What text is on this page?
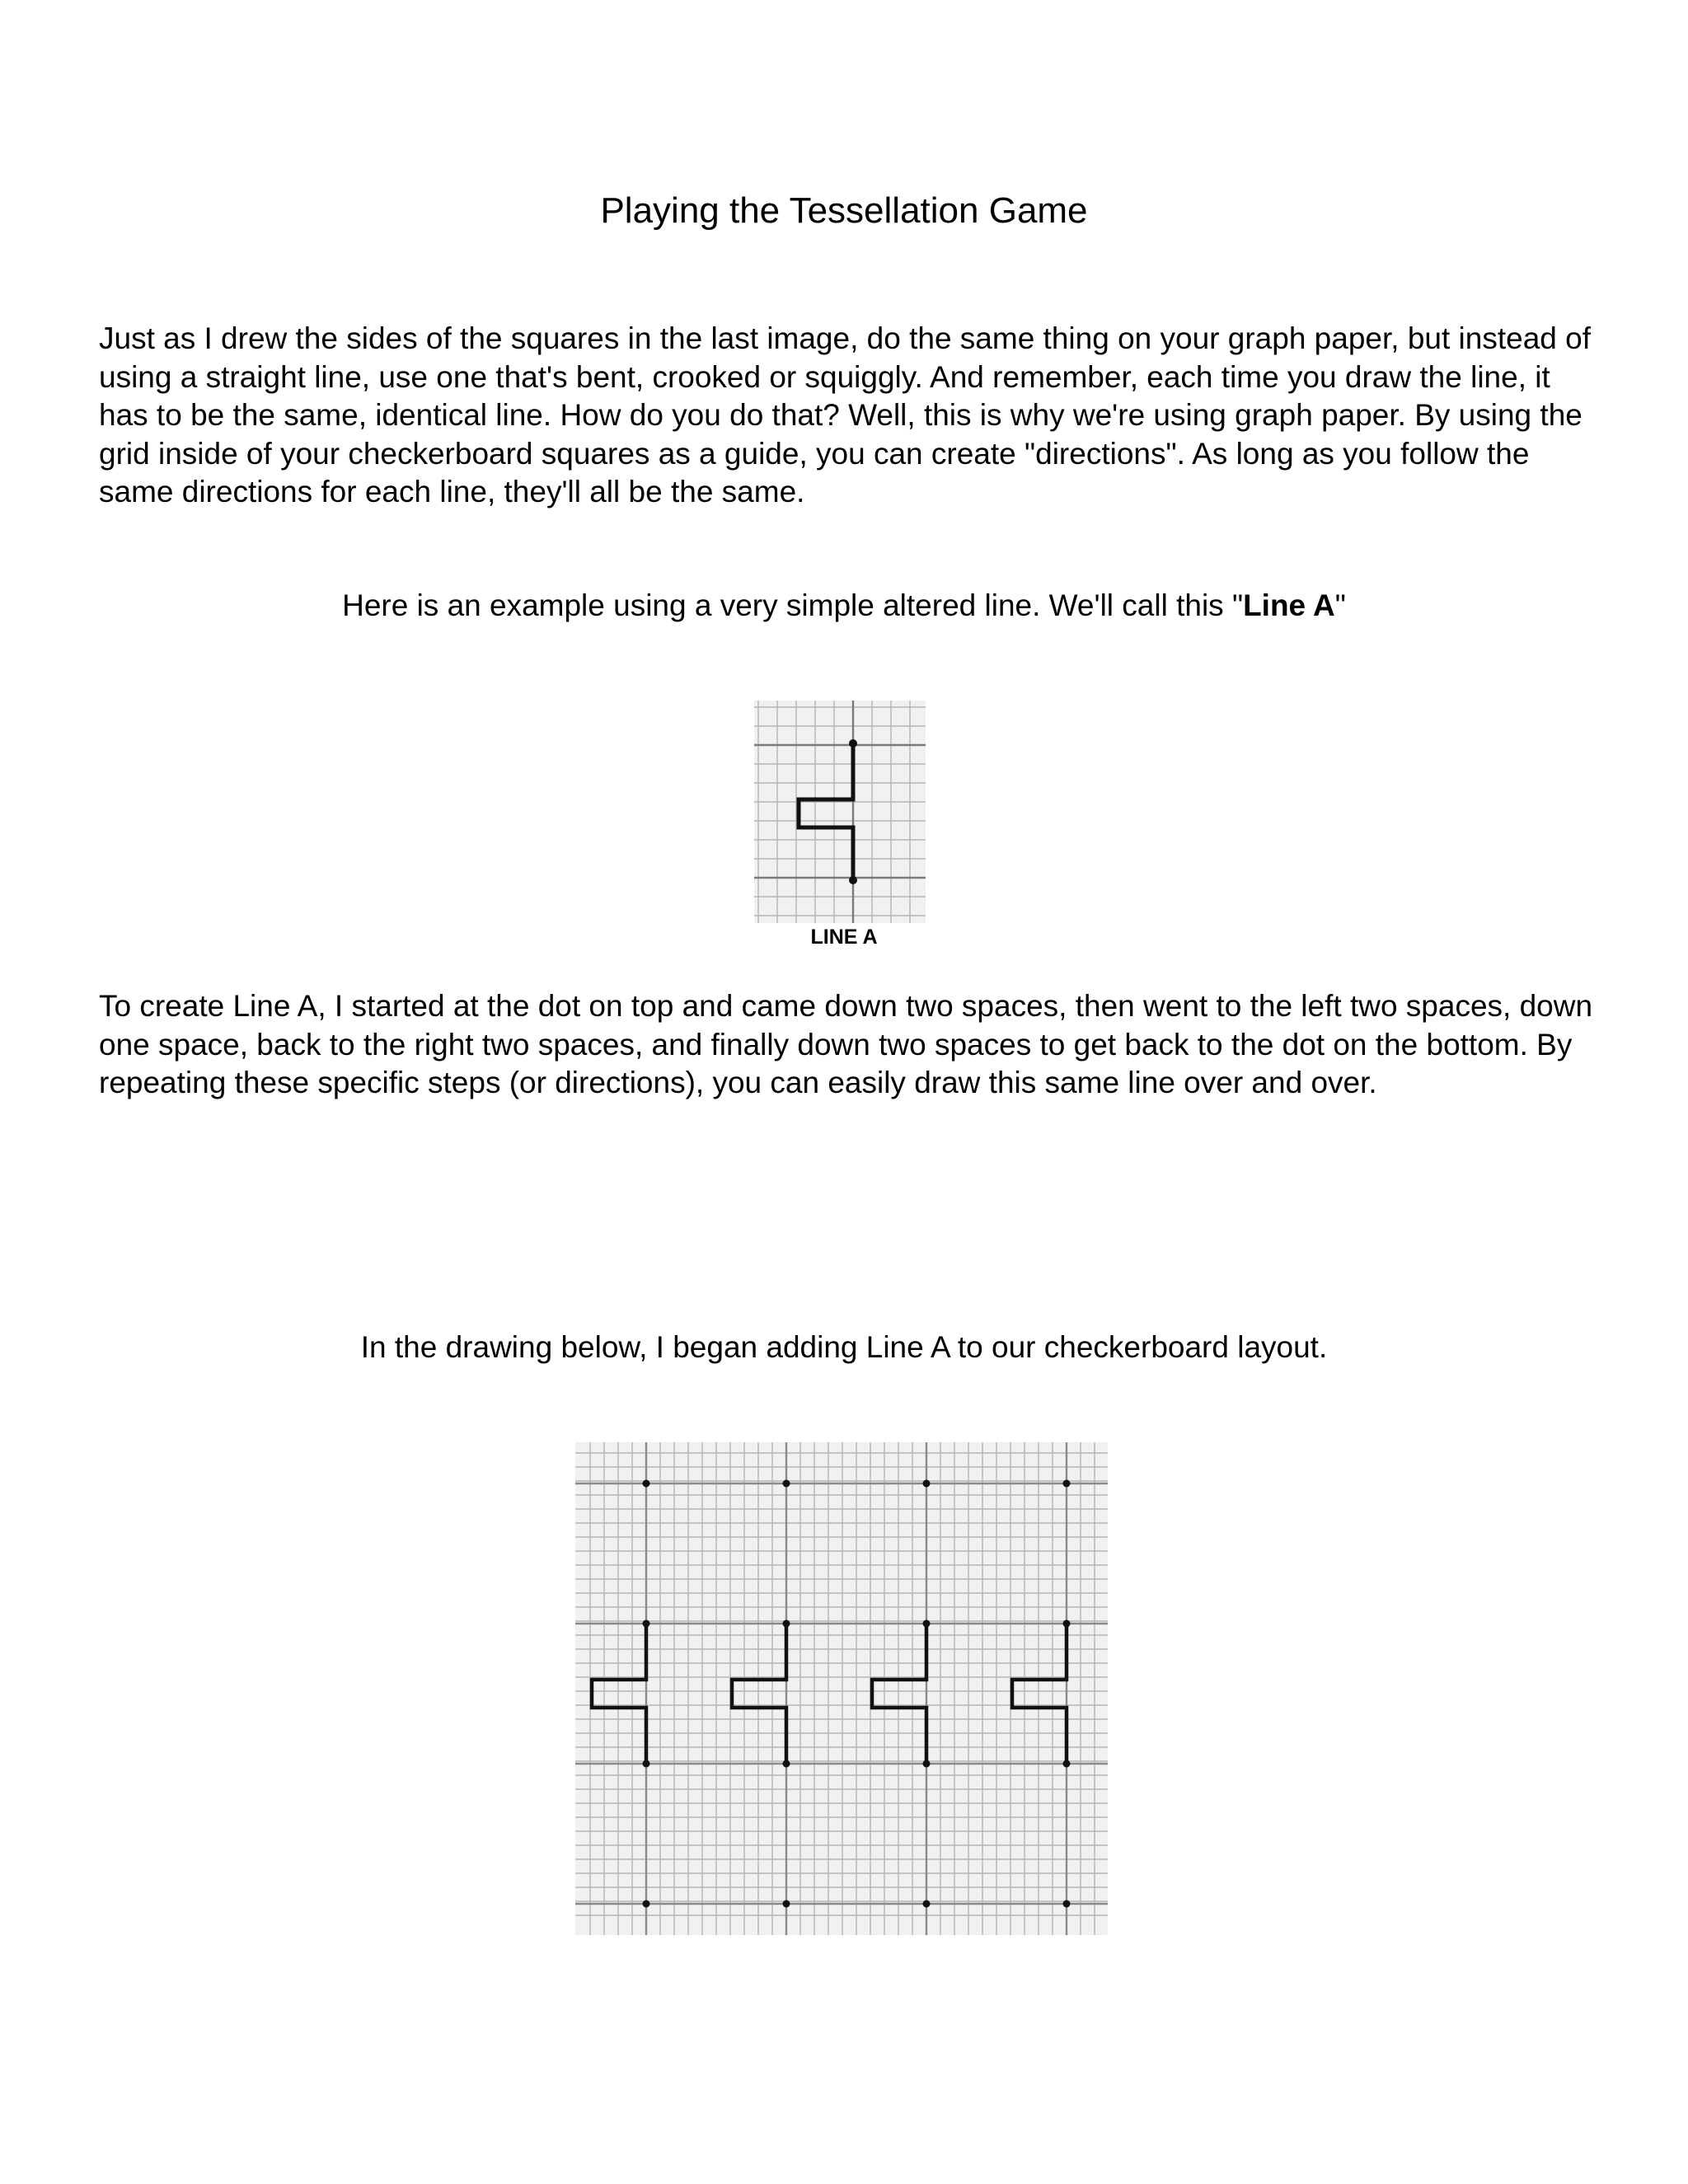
Playing the Tessellation Game

Just as I drew the sides of the squares in the last image, do the same thing on your graph paper, but instead of using a straight line, use one that's bent, crooked or squiggly. And remember, each time you draw the line, it has to be the same, identical line. How do you do that? Well, this is why we're using graph paper. By using the grid inside of your checkerboard squares as a guide, you can create "directions". As long as you follow the same directions for each line, they'll all be the same.

Here is an example using a very simple altered line. We'll call this "Line A"

LINE A

To create Line A, I started at the dot on top and came down two spaces, then went to the left two spaces, down one space, back to the right two spaces, and finally down two spaces to get back to the dot on the bottom. By repeating these specific steps (or directions), you can easily draw this same line over and over.

In the drawing below, I began adding Line A to our checkerboard layout.
